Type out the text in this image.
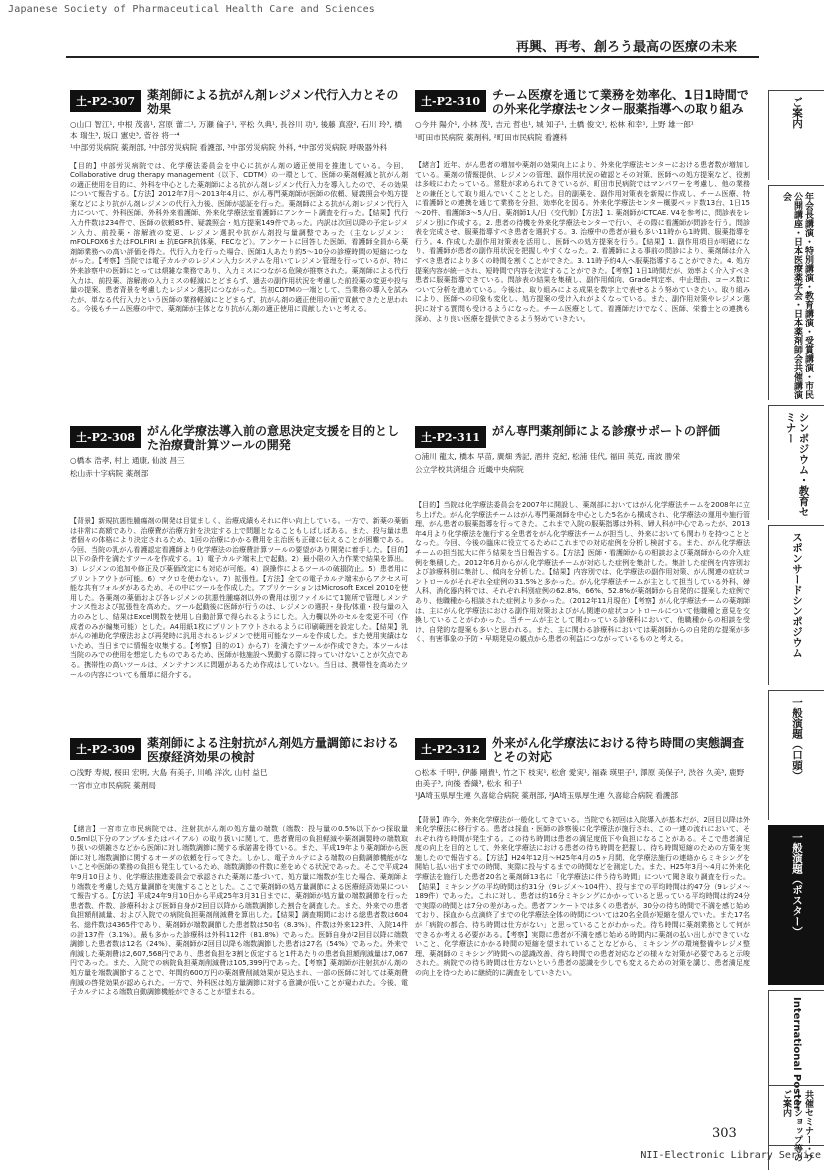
Japanese Society of Pharmaceutical Health Care and Sciences
再興、再考、創ろう最高の医療の未来
土-P2-307	薬剤師による抗がん剤レジメン代行入力とその効果
○山口 智江¹, 中根 茂喜¹, 宮原 蕾二¹, 万瀬 倫子¹, 平松 久典¹, 長谷川 功¹, 後藤 真澄², 石川 玲³, 橋本 瑞生³, 坂口 憲史³, 菅谷 将一⁴
¹中部労災病院 薬剤部, ²中部労災病院 看護部, ³中部労災病院 外科, ⁴中部労災病院 呼吸器外科
【目的】中部労災病院では、化学療法委員会を中心に抗がん剤の適正使用を推進している。今回、Collaborative drug therapy management（以下、CDTM）の一環として、医師の薬剤軽減と抗がん剤の適正使用を目的に、外科を中心とした薬剤師による抗がん剤レジメン代行入力を導入したので、その効果について報告する。【方法】2012年7月～2013年4月に、がん専門薬剤師が医師の依頼、疑義照会や処方提案などにより抗がん剤レジメンの代行入力後、医師が認証を行った。薬剤師による抗がん剤レジメン代行入力について、外科医師、外科外来看護師、外来化学療法室看護師にアンケート調査を行った。【結果】代行入力件数は234件で、医師の依頼85件、疑義照会・処方提案149件であった。内訳は次回以降の予定レジメン入力、前投薬・溶解液の変更、レジメン選択や抗がん剤投与量調整であった（主なレジメン：mFOLFOX6またはFOLFIRI ± 抗EGFR抗体薬、FECなど）。アンケートに回答した医師、看護師全員から薬剤師業務への高い評価を得た。代行入力を行った場合、医師1人あたり約5～10分の診療時間の短縮につながった。【考察】当院では電子カルテのレジメン入力システムを用いてレジメン管理を行っているが、特に外来診察中の医師にとっては煩雑な業務であり、入力ミスにつながる危険が推察された。薬剤師による代行入力は、前投薬、溶解液の入力ミスの軽減にとどまらず、過去の副作用状況を考慮した前投薬の変更や投与量の提案、患者背景を考慮したレジメン選択につながった。当初CDTMの一端として、当業務の導入を試みたが、単なる代行入力という医師の業務軽減にとどまらず、抗がん剤の適正使用の面で貢献できたと思われる。今後もチーム医療の中で、薬剤師が主体となり抗がん剤の適正使用に貢献したいと考える。
土-P2-308	がん化学療法導入前の意思決定支援を目的とした治療費計算ツールの開発
○橋本 浩孝, 村上 通康, 仙波 昌三
松山赤十字病院 薬剤部
【背景】新規抗悪性腫瘍剤の開発は目覚ましく、治療成績もそれに伴い向上している。一方で、新薬の薬価は非常に高額であり、治療費が治療方針を決定する上で問題となることもしばしばある。また、投与量は患者個々の体格により決定されるため、1回の治療にかかる費用を主治医も正確に伝えることが困難である。今回、当院の乳がん看護認定看護師より化学療法の治療費計算ツールの要望があり開発に着手した。【目的】以下の条件を満たすツールを作成する。1）電子カルテ端末上で起動。2）最小限の入力作業で結果を算出。3）レジメンの追加や修正及び薬価改定にも対応が可能。4）誤操作によるツールの破損防止。5）患者用にプリントアウトが可能。6）マクロを使わない。7）拡張性。【方法】全ての電子カルテ端末からアクセス可能な共有フォルダがあるため、その中にツールを作成した。アプリケーションはMicrosoft Excel 2010を使用した。各薬剤の薬価および各レジメンの抗悪性腫瘍剤以外の費用は別ファイルにて1箇所で管理しメンテナンス性および拡張性を高めた。ツール起動後に医師が行うのは、レジメンの選択・身長/体重・投与量の入力のみとし、結果はExcel関数を使用し自動計算で得られるようにした。入力欄以外のセルを変更不可（作成者のみが編集可能）とした。A4用紙1枚にプリントアウトされるように印刷範囲を設定した。【結果】乳がんの補助化学療法および再発時に汎用されるレジメンで使用可能なツールを作成した。また使用実績はないため、当日までに情報を収集する。【考察】目的の1）から7）を満たすツールが作成できた。本ツールは当院のみでの使用を想定したものであるため、医師が他施設へ異動する際に持っていけないことが欠点である。携帯性の高いツールは、メンテナンスに問題があるため作成はしていない。当日は、携帯性を高めたツールの内容についても簡単に紹介する。
土-P2-309	薬剤師による注射抗がん剤処方量調節における医療経済効果の検討
○浅野 寿規, 桜田 宏明, 大島 有美子, 川嶋 洋次, 山村 益巳
一宮市立市民病院 薬剤局
【緒言】一宮市立市民病院では、注射抗がん剤の処方量の端数（端数：投与量の0.5%以下かつ採取量0.5ml以下分のアンプルまたはバイアル）の取り扱いに関して、患者費用の負担軽減や薬剤調製時の端数取り扱いの煩雑さなどから医師に対し端数調節に関する承諾書を得ている。また、平成19年より薬剤師から医師に対し端数調節に関するオーダの依頼を行ってきた。しかし、電子カルテによる端数の自動調節機能がないことや医師の業務の負担も発生しているため、端数調節の件数に差をめぐる状況であった。そこで平成24年9月10日より、化学療法推進委員会で承認された薬剤に基づいて、処方量に端数が生じた場合、薬剤師より端数を考慮した処方量調節を実施することとした。ここで薬剤師の処方量調節による医療経済効果について報告する。【方法】平成24年9月10日から平成25年3月31日までに、薬剤師が処方量の端数調節を行った患者数、件数、診療科および医師自身が2回目以降から端数調節した割合を調査した。また、外来での患者負担額削減量、および入院での病院負担薬剤削減費を算出した。【結果】調査期間における総患者数は604名、総件数は4365件であり、薬剤師が端数調節した患者数は50名（8.3%）、件数は外来123件、入院14件の計137件（3.1%）。最も多かった診療科は外科112件（81.8%）であった。医師自身が2回目以降に端数調節した患者数は12名（24%）、薬剤師が2回目以降も端数調節した患者は27名（54%）であった。外来で削減した薬剤費は2,607,568円であり、患者負担を3割と仮定すると1件あたりの患者負担額削減量は7,067円であった。また、入院での病院負担薬剤削減費は105,399円であった。【考察】薬剤師が注射抗がん剤の処方量を端数調節することで、年間約600万円の薬剤費削減効果が見込まれ、一部の医師に対しては薬剤費削減の啓発効果が認められた。一方で、外科医は処方量調節に対する意識が低いことが窺われた。今後、電子カルテによる端数自動調節機能ができることが望まれる。
土-P2-310	チーム医療を通じて業務を効率化、1日1時間での外来化学療法センター服薬指導への取り組み
○今井 陽介¹, 小林 茂¹, 吉元 哲也¹, 城 知子¹, 土橋 俊文¹, 松林 和幸¹, 上野 雄一郎¹
¹町田市民病院 薬剤科, ²町田市民病院 看護科
【緒言】近年、がん患者の増加や薬剤の効果向上により、外来化学療法センターにおける患者数が増加している。薬剤の情報提供、レジメンの管理、副作用状況の確認とその対策、医師への処方提案など、役割は多岐にわたっている。常駐が求められてきているが、町田市民病院ではマンパワーを考慮し、他の業務との兼任として取り組んでいくこととした。目的副薬を、副作用対策表を新規に作成し、チーム医療、特に看護師との連携を通じて業務を分担、効率化を図る。外来化学療法センター概要ベッド数13台、1日15～20件、看護師3～5人/日、薬剤師1人/日（交代制）【方法】1. 薬剤師がCTCAE. V4を参考に、問診表をレジメン別に作成する。2. 患者の待機を外来化学療法センターで行い、その際に看護師が問診を行う。問診表を完成させ、服薬指導すべき患者を選択する。3. 治療中の患者が最も多い11時から1時間、服薬指導を行う。4. 作成した副作用対策表を活用し、医師への処方提案を行う。【結果】1. 副作用項目が明確になり、看護師が患者の副作用状況を把握しやすくなった。2. 看護師による事前の問診により、薬剤師は介入すべき患者により多くの時間を割くことができた。3. 11時予約4人へ服薬指導することができた。4. 処方提案内容が統一され、短時間で内容を決定することができた。【考察】1日1時間だが、効率よく介入すべき患者に服薬指導できている。問診表の結果を集積し、副作用傾向、Grade判定率、中止理由、コース数について分析を進めている。今後は、取り組みによる成果を数字上で表せるよう努めていきたい。取り組みにより、医師への印象も変化し、処方提案の受け入れがよくなっている。また、副作用対策やレジメン選択に対する質問も受けるようになった。チーム医療として、看護師だけでなく、医師、栄養士との連携も深め、より良い医療を提供できるよう努めていきたい。
土-P2-311	がん専門薬剤師による診療サポートの評価
○浦川 龍太, 橋本 早苗, 廣畑 秀記, 酒井 克紀, 松浦 佳代, 福田 英克, 南波 勝栄
公立学校共済組合 近畿中央病院
【目的】当院は化学療法委員会を2007年に開設し、薬剤部においてはがん化学療法チームを2008年に立ち上げた。がん化学療法チームはがん専門薬剤師を中心とした5名から構成され、化学療法の運用や施行管理、がん患者の服薬指導を行ってきた。これまで入院の服薬指導は外科、婦人科が中心であったが、2013年4月より化学療法を施行する全患者をがん化学療法チームが担当し、外来においても関わりを持つこととなった。今回、今後の臨床に役立てるためにこれまでの対応症例を分析し検討する。また、がん化学療法チームの担当拡大に伴う結果を当日報告する。【方法】医師・看護師からの相談および薬剤師からの介入症例を集積した。2012年6月からがん化学療法チームが対応した症例を集計した。集計した症例を内容別および診療科別に集計し、傾向を分析した。【結果】内容別では、化学療法の副作用対策、がん関連の症状コントロールがそれぞれ全症例の31.5%と多かった。がん化学療法チームが主として担当している外科、婦人科、消化器内科では、それぞれ科別症例の62.8%、66%、52.8%が薬剤師から自発的に提案した症例であり、他職種から相談された症例より多かった。（2012年11月現在）【考察】がん化学療法チームの薬剤師は、主にがん化学療法における副作用対策およびがん関連の症状コントロールについて他職種と意見を交換していることがわかった。当チームが主として関わっている診療科において、他職種からの相談を受け、自発的な提案も多いと思われる。また、主に関わる診療科においては薬剤師からの自発的な提案が多く、有害事象の予防・早期発見の観点から患者の利益につながっているものと考える。
土-P2-312	外来がん化学療法における待ち時間の実態調査とその対応
○松本 千明¹, 伊藤 剛貴¹, 竹之下 枝実¹, 松倉 愛実¹, 福森 瑛里子¹, 澤原 美保子², 渋谷 久美³, 鹿野 由美子³, 向後 香織³, 松永 和子¹
¹JA埼玉県厚生連 久喜総合病院 薬剤部, ²JA埼玉県厚生連 久喜総合病院 看護部
【背景】昨今、外来化学療法が一般化してきている。当院でも初回は入院導入が基本だが、2回目以降は外来化学療法に移行する。患者は採血・医師の診察後に化学療法が施行され、この一連の流れにおいて、それぞれ待ち時間が発生する。この待ち時間は患者の満足度低下や負担になることがある。そこで患者満足度の向上を目的として、外来化学療法における患者の待ち時間を把握し、待ち時間短縮のための方策を実施したので報告する。【方法】H24年12月～H25年4月の5ヶ月間、化学療法施行の連絡からミキシングを開始し払い出すまでの時間、実際に投与するまでの時間などを測定した。また、H25年3月～4月に外来化学療法を施行した患者20名と薬剤師13名に「化学療法に伴う待ち時間」について聞き取り調査を行った。【結果】ミキシングの平均時間は約31分（9レジメ～104件）、投与までの平均時間は約47分（9レジメ～189件）であった。これに対し、患者は約16分ミキシングにかかっていると思っている平均時間は約24分で実際の時間とは7分の差があった。患者アンケートでは多くの患者が、30分の待ち時間で不満を感じ始めており、採血から点滴終了までの化学療法全体の時間については20名全員が短縮を望んでいた。また17名が「病院の都合、待ち時間は仕方がない」と思っていることがわかった。待ち時間に薬剤業務として何ができるか考える必要がある。【考察】実際に患者が不満を感じ始める時間内に薬剤の払い出しができていないこと、化学療法にかかる時間の短縮を望まれていることなどから、ミキシングの環境整備やレジメ整理、薬剤師のミキシング時間への認識改善、待ち時間での患者対応などの様々な対策が必要であると示唆された。病院での待ち時間は仕方ないという患者の認識を少しでも変えるための対策を講じ、患者満足度の向上を待つために継続的に調査をしていきたい。
ご案内
年会長講演・特別講演・教育講演・受賞講演・市民公開講座・日本医療薬学会・日本薬剤師会共催講演会
シンポジウム・教育セミナー
スポンサードシンポジウム
一般演題（口頭）
一般演題（ポスター）
International Poster
共催セミナー・ワークショップ等のご案内
303
NII-Electronic Library Service
